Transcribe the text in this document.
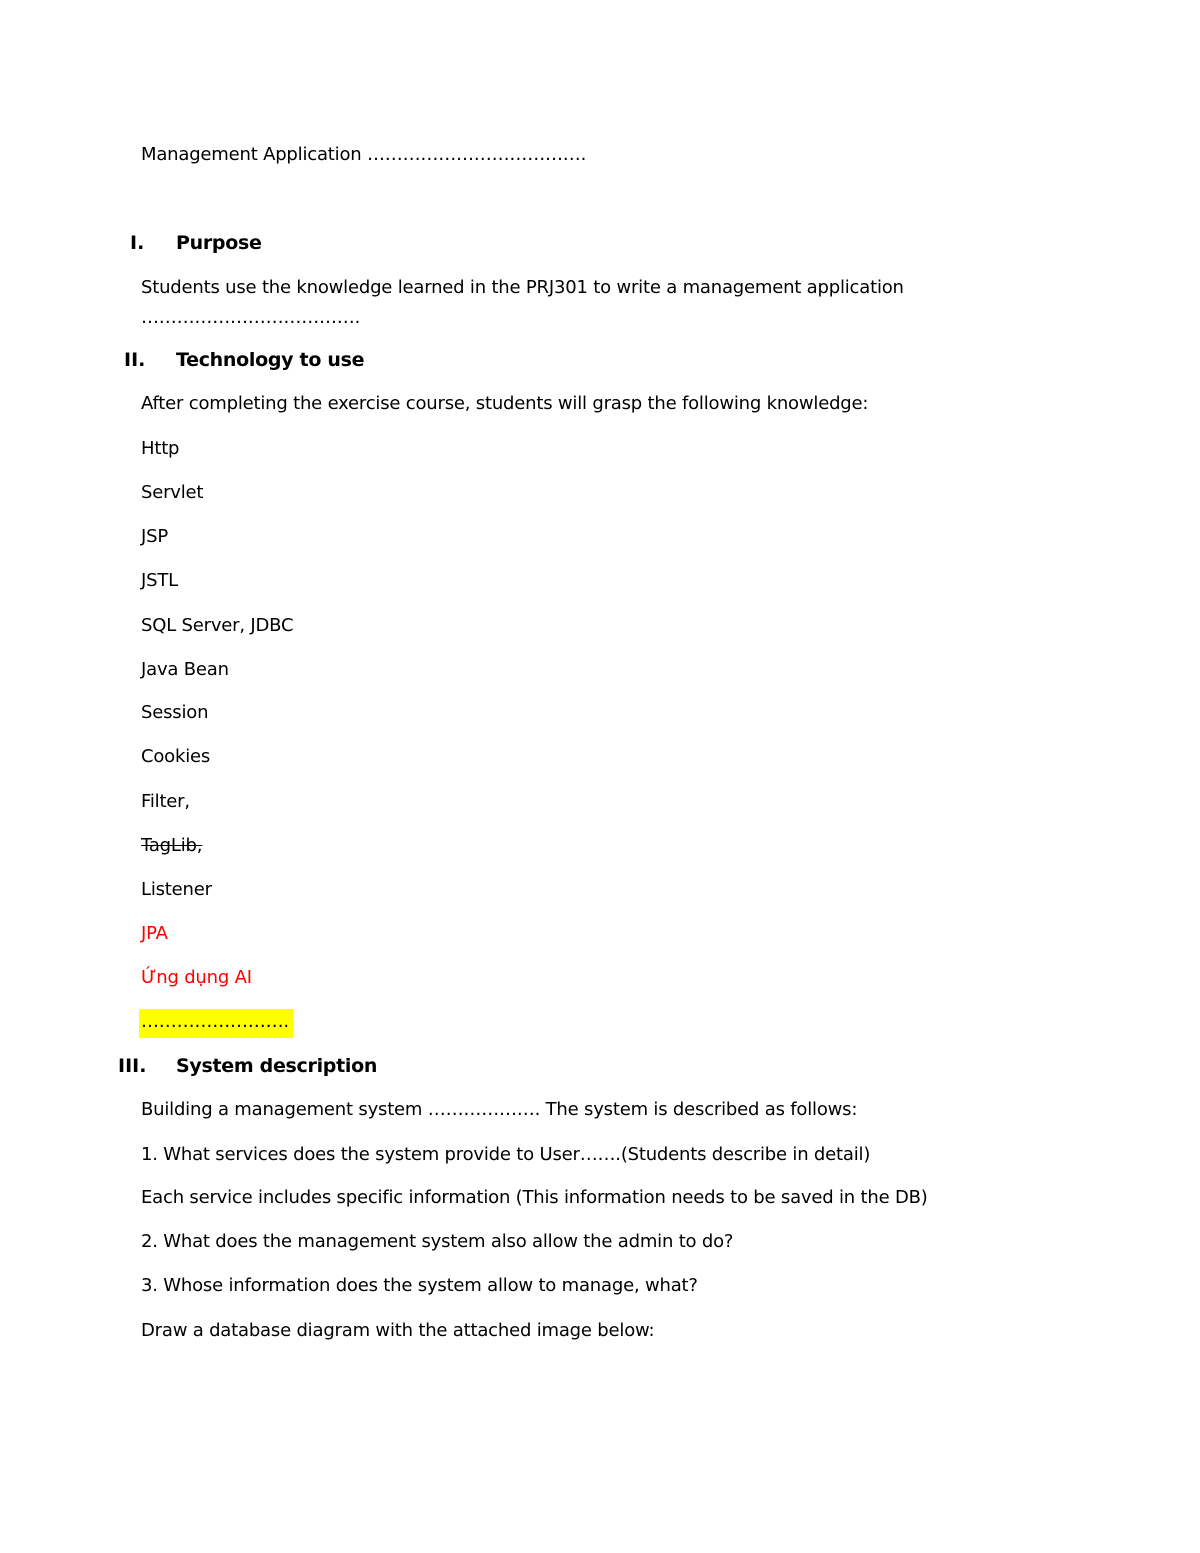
Management Application ……………………………….
I. Purpose
Students use the knowledge learned in the PRJ301 to write a management application
……………………………….
II. Technology to use
After completing the exercise course, students will grasp the following knowledge:
Http
Servlet
JSP
JSTL
SQL Server, JDBC
Java Bean
Session
Cookies
Filter,
TagLib,
Listener
JPA
Ứng dụng AI
…………………….
III. System description
Building a management system ………………. The system is described as follows:
1. What services does the system provide to User…….(Students describe in detail)
Each service includes specific information (This information needs to be saved in the DB)
2. What does the management system also allow the admin to do?
3. Whose information does the system allow to manage, what?
Draw a database diagram with the attached image below:
